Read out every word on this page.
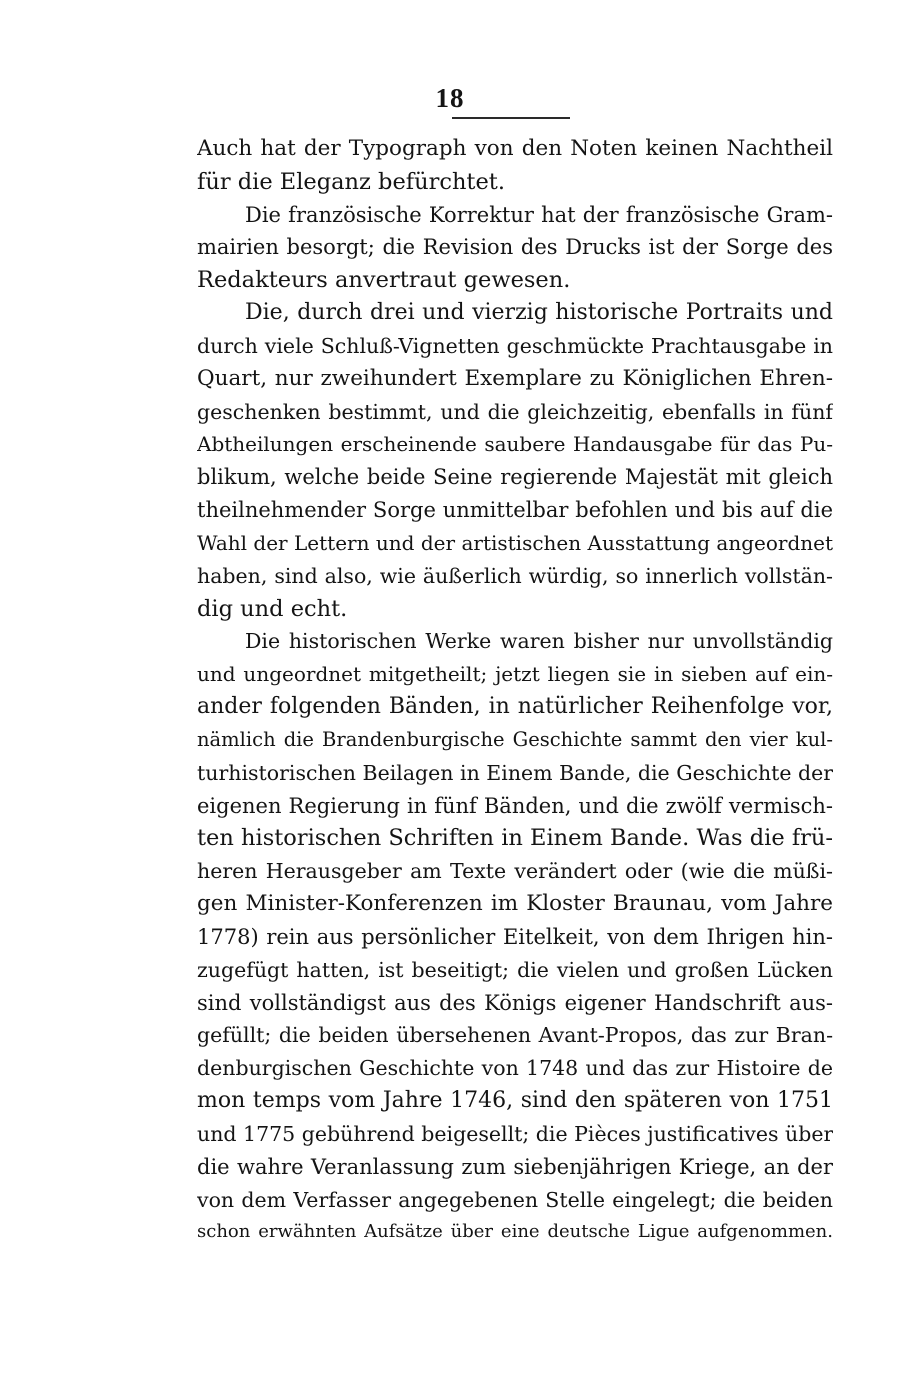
18
Auch hat der Typograph von den Noten keinen Nachtheil
für die Eleganz befürchtet.
Die französische Korrektur hat der französische Gram-
mairien besorgt; die Revision des Drucks ist der Sorge des
Redakteurs anvertraut gewesen.
Die, durch drei und vierzig historische Portraits und
durch viele Schluß-Vignetten geschmückte Prachtausgabe in
Quart, nur zweihundert Exemplare zu Königlichen Ehren-
geschenken bestimmt, und die gleichzeitig, ebenfalls in fünf
Abtheilungen erscheinende saubere Handausgabe für das Pu-
blikum, welche beide Seine regierende Majestät mit gleich
theilnehmender Sorge unmittelbar befohlen und bis auf die
Wahl der Lettern und der artistischen Ausstattung angeordnet
haben, sind also, wie äußerlich würdig, so innerlich vollstän-
dig und echt.
Die historischen Werke waren bisher nur unvollständig
und ungeordnet mitgetheilt; jetzt liegen sie in sieben auf ein-
ander folgenden Bänden, in natürlicher Reihenfolge vor,
nämlich die Brandenburgische Geschichte sammt den vier kul-
turhistorischen Beilagen in Einem Bande, die Geschichte der
eigenen Regierung in fünf Bänden, und die zwölf vermisch-
ten historischen Schriften in Einem Bande. Was die frü-
heren Herausgeber am Texte verändert oder (wie die müßi-
gen Minister-Konferenzen im Kloster Braunau, vom Jahre
1778) rein aus persönlicher Eitelkeit, von dem Ihrigen hin-
zugefügt hatten, ist beseitigt; die vielen und großen Lücken
sind vollständigst aus des Königs eigener Handschrift aus-
gefüllt; die beiden übersehenen Avant-Propos, das zur Bran-
denburgischen Geschichte von 1748 und das zur Histoire de
mon temps vom Jahre 1746, sind den späteren von 1751
und 1775 gebührend beigesellt; die Pièces justificatives über
die wahre Veranlassung zum siebenjährigen Kriege, an der
von dem Verfasser angegebenen Stelle eingelegt; die beiden
schon erwähnten Aufsätze über eine deutsche Ligue aufgenommen.
